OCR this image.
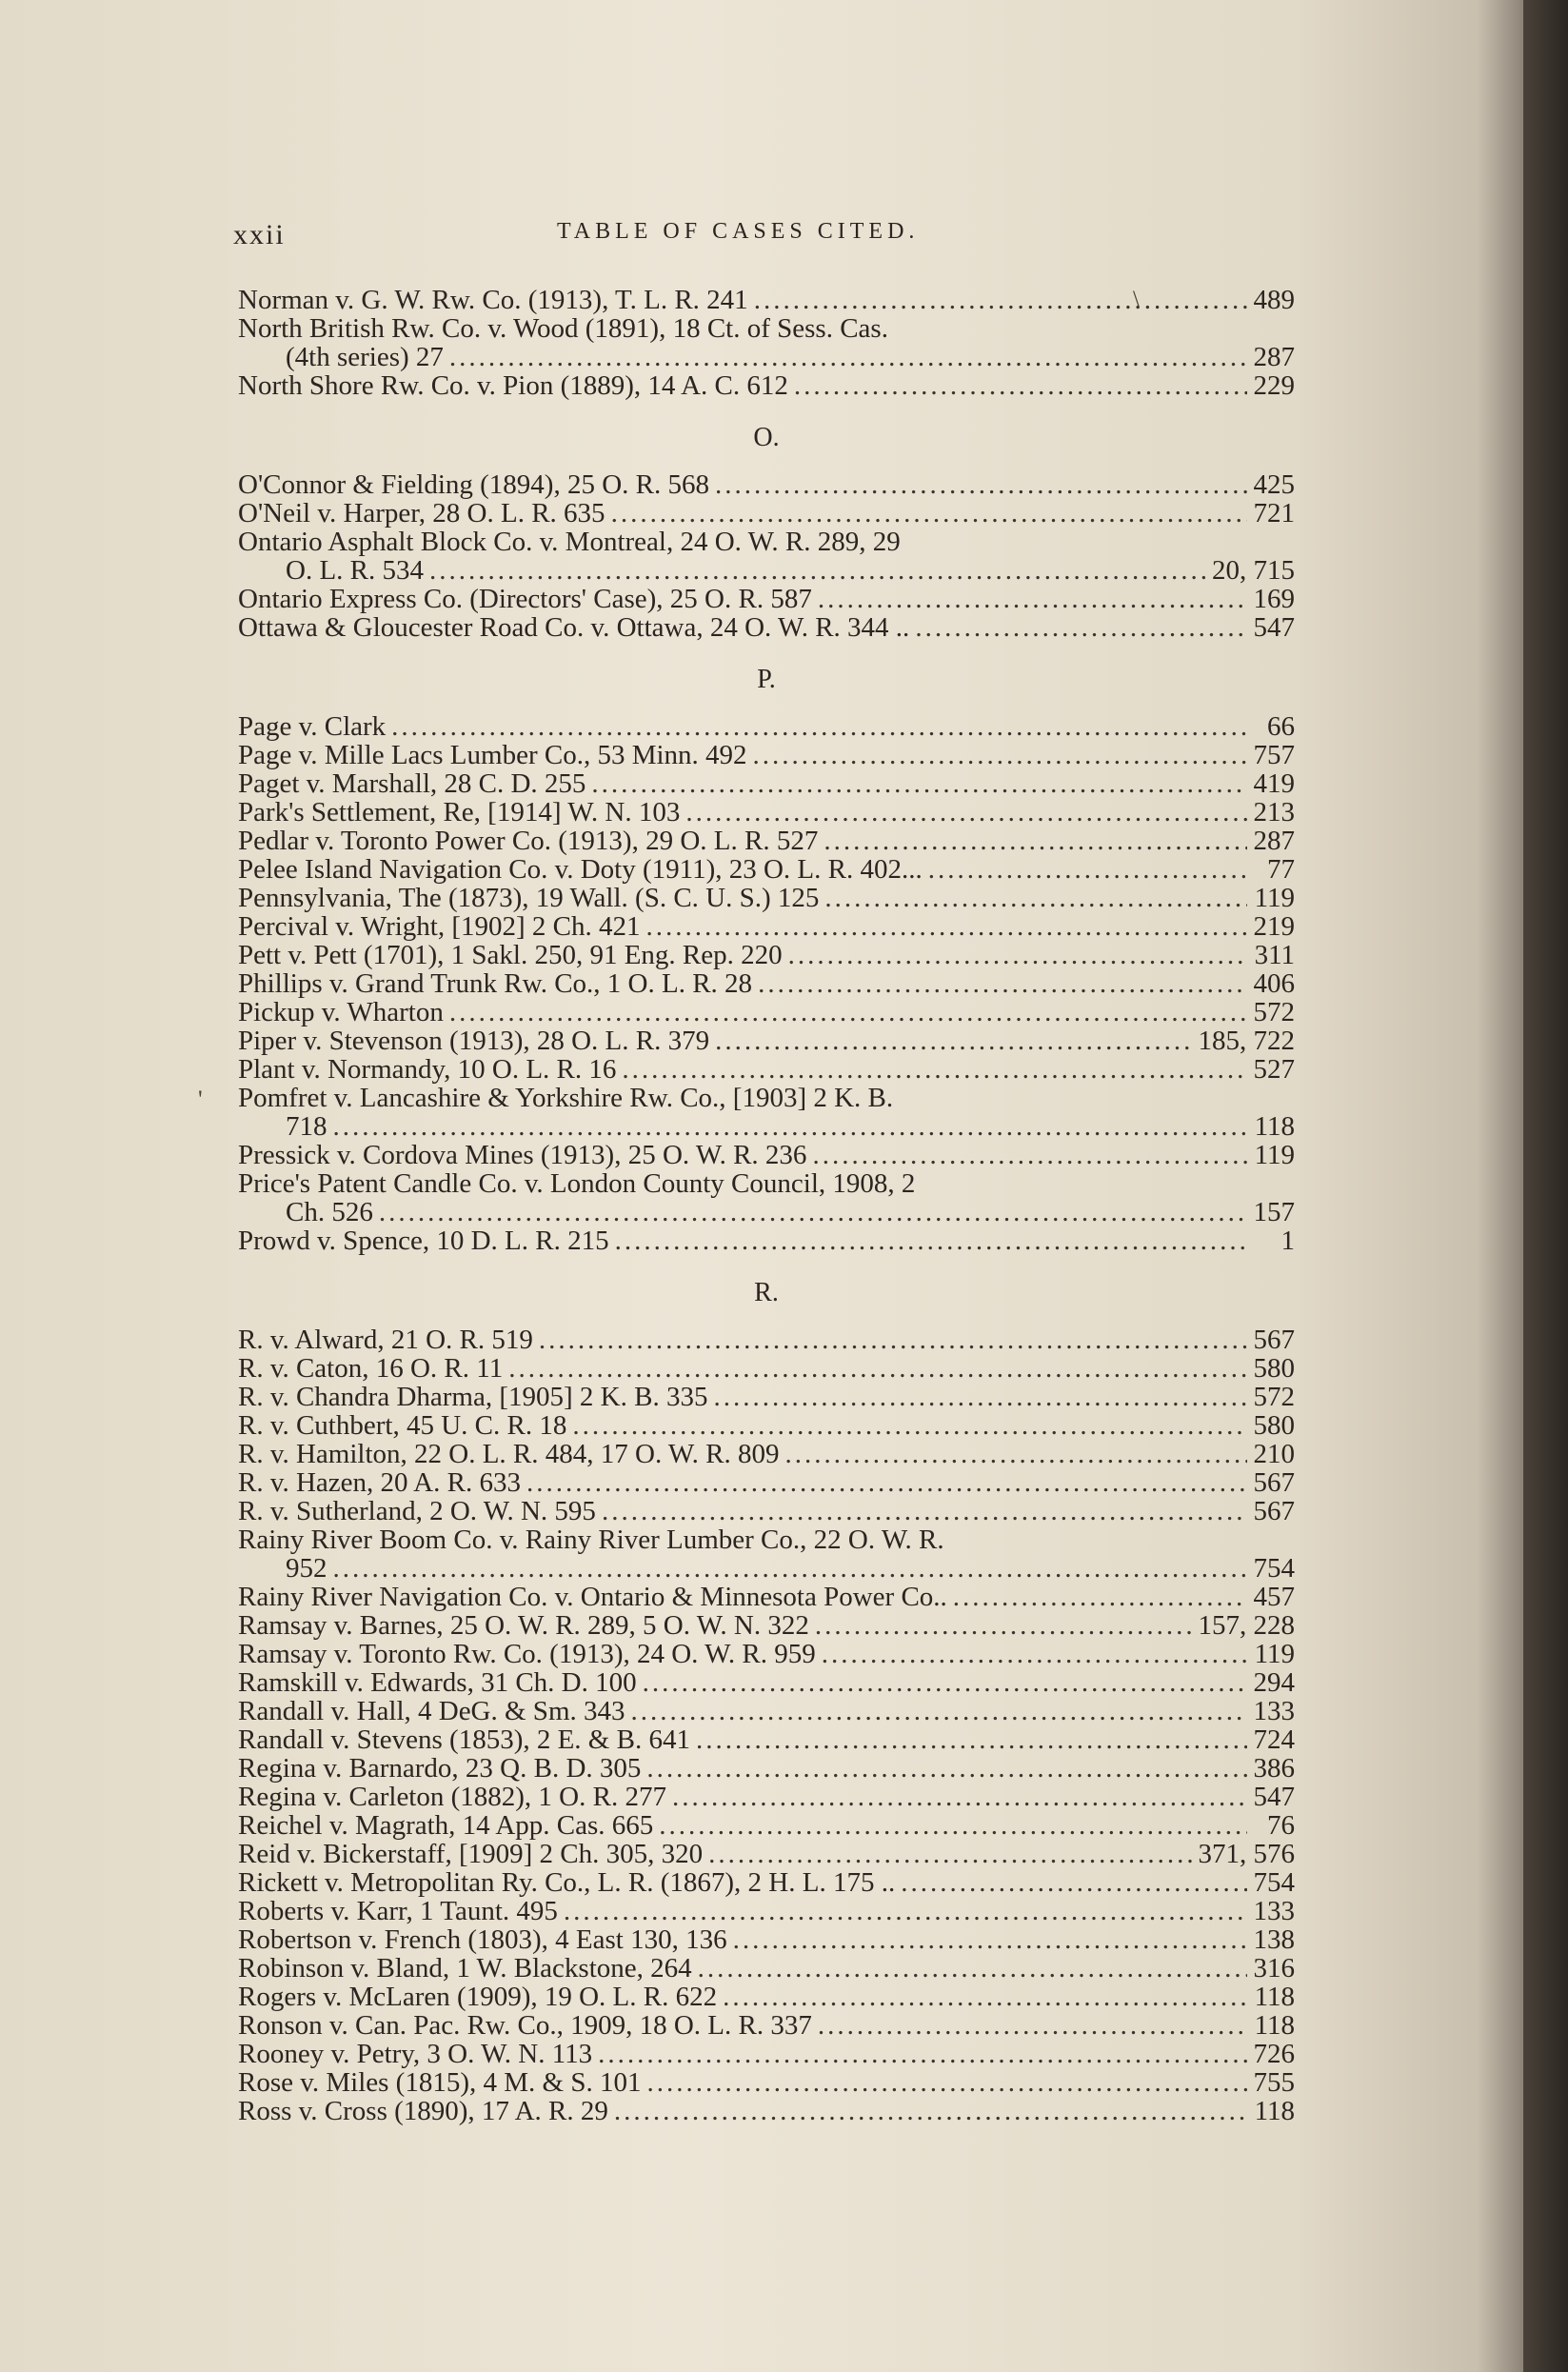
xxii	TABLE OF CASES CITED.
Norman v. G. W. Rw. Co. (1913), T. L. R. 241 .....	489
North British Rw. Co. v. Wood (1891), 18 Ct. of Sess. Cas.
(4th series) 27 .....	287
North Shore Rw. Co. v. Pion (1889), 14 A. C. 612 .....	229
O.
O'Connor & Fielding (1894), 25 O. R. 568 .....	425
O'Neil v. Harper, 28 O. L. R. 635 .....	721
Ontario Asphalt Block Co. v. Montreal, 24 O. W. R. 289, 29
O. L. R. 534 .....	20, 715
Ontario Express Co. (Directors' Case), 25 O. R. 587 .....	169
Ottawa & Gloucester Road Co. v. Ottawa, 24 O. W. R. 344 .. .....	547
P.
Page v. Clark .....	66
Page v. Mille Lacs Lumber Co., 53 Minn. 492 .....	757
Paget v. Marshall, 28 C. D. 255 .....	419
Park's Settlement, Re, [1914] W. N. 103 .....	213
Pedlar v. Toronto Power Co. (1913), 29 O. L. R. 527 .....	287
Pelee Island Navigation Co. v. Doty (1911), 23 O. L. R. 402... .....	77
Pennsylvania, The (1873), 19 Wall. (S. C. U. S.) 125 .....	119
Percival v. Wright, [1902] 2 Ch. 421 .....	219
Pett v. Pett (1701), 1 Sakl. 250, 91 Eng. Rep. 220 .....	311
Phillips v. Grand Trunk Rw. Co., 1 O. L. R. 28 .....	406
Pickup v. Wharton .....	572
Piper v. Stevenson (1913), 28 O. L. R. 379 .....	185, 722
Plant v. Normandy, 10 O. L. R. 16 .....	527
Pomfret v. Lancashire & Yorkshire Rw. Co., [1903] 2 K. B.
718 .....	118
Pressick v. Cordova Mines (1913), 25 O. W. R. 236 .....	119
Price's Patent Candle Co. v. London County Council, 1908, 2
Ch. 526 .....	157
Prowd v. Spence, 10 D. L. R. 215 .....	1
R.
R. v. Alward, 21 O. R. 519 .....	567
R. v. Caton, 16 O. R. 11 .....	580
R. v. Chandra Dharma, [1905] 2 K. B. 335 .....	572
R. v. Cuthbert, 45 U. C. R. 18 .....	580
R. v. Hamilton, 22 O. L. R. 484, 17 O. W. R. 809 .....	210
R. v. Hazen, 20 A. R. 633 .....	567
R. v. Sutherland, 2 O. W. N. 595 .....	567
Rainy River Boom Co. v. Rainy River Lumber Co., 22 O. W. R.
952 .....	754
Rainy River Navigation Co. v. Ontario & Minnesota Power Co.. .....	457
Ramsay v. Barnes, 25 O. W. R. 289, 5 O. W. N. 322 .....	157, 228
Ramsay v. Toronto Rw. Co. (1913), 24 O. W. R. 959 .....	119
Ramskill v. Edwards, 31 Ch. D. 100 .....	294
Randall v. Hall, 4 DeG. & Sm. 343 .....	133
Randall v. Stevens (1853), 2 E. & B. 641 .....	724
Regina v. Barnardo, 23 Q. B. D. 305 .....	386
Regina v. Carleton (1882), 1 O. R. 277 .....	547
Reichel v. Magrath, 14 App. Cas. 665 .....	76
Reid v. Bickerstaff, [1909] 2 Ch. 305, 320 .....	371, 576
Rickett v. Metropolitan Ry. Co., L. R. (1867), 2 H. L. 175 .. .....	754
Roberts v. Karr, 1 Taunt. 495 .....	133
Robertson v. French (1803), 4 East 130, 136 .....	138
Robinson v. Bland, 1 W. Blackstone, 264 .....	316
Rogers v. McLaren (1909), 19 O. L. R. 622 .....	118
Ronson v. Can. Pac. Rw. Co., 1909, 18 O. L. R. 337 .....	118
Rooney v. Petry, 3 O. W. N. 113 .....	726
Rose v. Miles (1815), 4 M. & S. 101 .....	755
Ross v. Cross (1890), 17 A. R. 29 .....	118
'
\
